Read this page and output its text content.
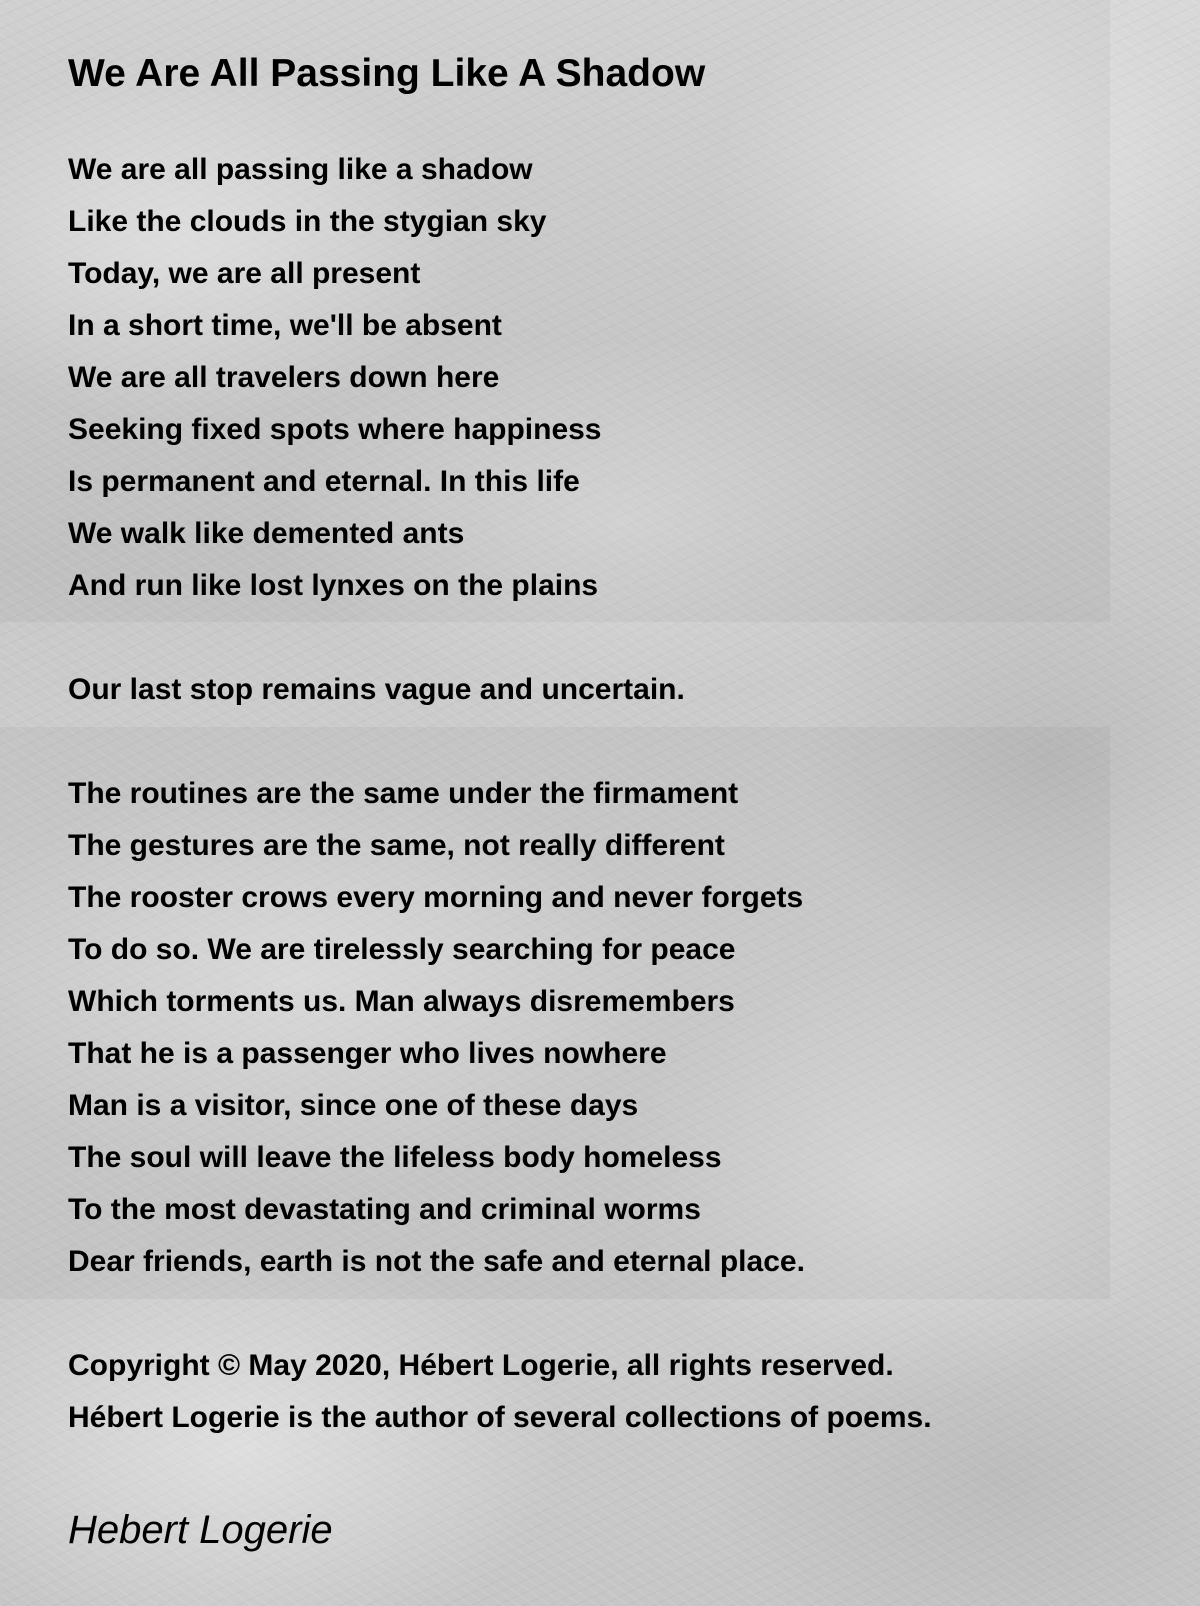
We Are All Passing Like A Shadow
We are all passing like a shadow
Like the clouds in the stygian sky
Today, we are all present
In a short time, we'll be absent
We are all travelers down here
Seeking fixed spots where happiness
Is permanent and eternal. In this life
We walk like demented ants
And run like lost lynxes on the plains
Our last stop remains vague and uncertain.
The routines are the same under the firmament
The gestures are the same, not really different
The rooster crows every morning and never forgets
To do so. We are tirelessly searching for peace
Which torments us. Man always disremembers
That he is a passenger who lives nowhere
Man is a visitor, since one of these days
The soul will leave the lifeless body homeless
To the most devastating and criminal worms
Dear friends, earth is not the safe and eternal place.
Copyright © May 2020, Hébert Logerie, all rights reserved.
Hébert Logerie is the author of several collections of poems.
Hebert Logerie
